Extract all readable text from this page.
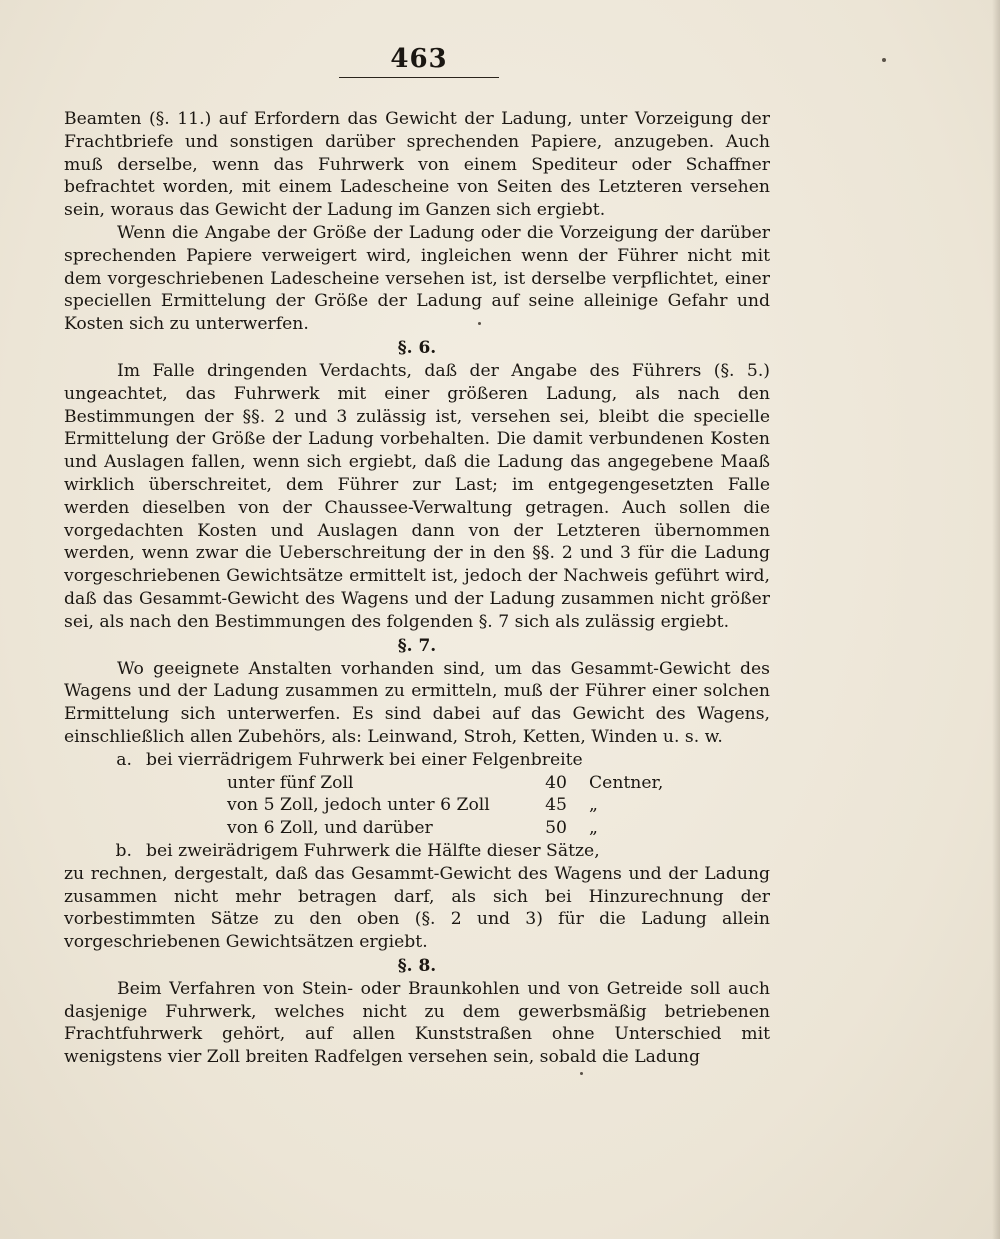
463

Beamten (§. 11.) auf Erfordern das Gewicht der Ladung, unter Vorzeigung der Frachtbriefe und sonstigen darüber sprechenden Papiere, anzugeben. Auch muß derselbe, wenn das Fuhrwerk von einem Spediteur oder Schaffner befrachtet worden, mit einem Ladescheine von Seiten des Letzteren versehen sein, woraus das Gewicht der Ladung im Ganzen sich ergiebt.

Wenn die Angabe der Größe der Ladung oder die Vorzeigung der darüber sprechenden Papiere verweigert wird, ingleichen wenn der Führer nicht mit dem vorgeschriebenen Ladescheine versehen ist, ist derselbe verpflichtet, einer speciellen Ermittelung der Größe der Ladung auf seine alleinige Gefahr und Kosten sich zu unterwerfen.

§. 6.

Im Falle dringenden Verdachts, daß der Angabe des Führers (§. 5.) ungeachtet, das Fuhrwerk mit einer größeren Ladung, als nach den Bestimmungen der §§. 2 und 3 zulässig ist, versehen sei, bleibt die specielle Ermittelung der Größe der Ladung vorbehalten. Die damit verbundenen Kosten und Auslagen fallen, wenn sich ergiebt, daß die Ladung das angegebene Maaß wirklich überschreitet, dem Führer zur Last; im entgegengesetzten Falle werden dieselben von der Chaussee-Verwaltung getragen. Auch sollen die vorgedachten Kosten und Auslagen dann von der Letzteren übernommen werden, wenn zwar die Ueberschreitung der in den §§. 2 und 3 für die Ladung vorgeschriebenen Gewichtsätze ermittelt ist, jedoch der Nachweis geführt wird, daß das Gesammt-Gewicht des Wagens und der Ladung zusammen nicht größer sei, als nach den Bestimmungen des folgenden §. 7 sich als zulässig ergiebt.

§. 7.

Wo geeignete Anstalten vorhanden sind, um das Gesammt-Gewicht des Wagens und der Ladung zusammen zu ermitteln, muß der Führer einer solchen Ermittelung sich unterwerfen. Es sind dabei auf das Gewicht des Wagens, einschließlich allen Zubehörs, als: Leinwand, Stroh, Ketten, Winden u. s. w.

a. bei vierrädrigem Fuhrwerk bei einer Felgenbreite
unter fünf Zoll	40	Centner,
von 5 Zoll, jedoch unter 6 Zoll	45	„
von 6 Zoll, und darüber	50	„
b. bei zweirädrigem Fuhrwerk die Hälfte dieser Sätze,

zu rechnen, dergestalt, daß das Gesammt-Gewicht des Wagens und der Ladung zusammen nicht mehr betragen darf, als sich bei Hinzurechnung der vorbestimmten Sätze zu den oben (§. 2 und 3) für die Ladung allein vorgeschriebenen Gewichtsätzen ergiebt.

§. 8.

Beim Verfahren von Stein- oder Braunkohlen und von Getreide soll auch dasjenige Fuhrwerk, welches nicht zu dem gewerbsmäßig betriebenen Frachtfuhrwerk gehört, auf allen Kunststraßen ohne Unterschied mit wenigstens vier Zoll breiten Radfelgen versehen sein, sobald die Ladung
